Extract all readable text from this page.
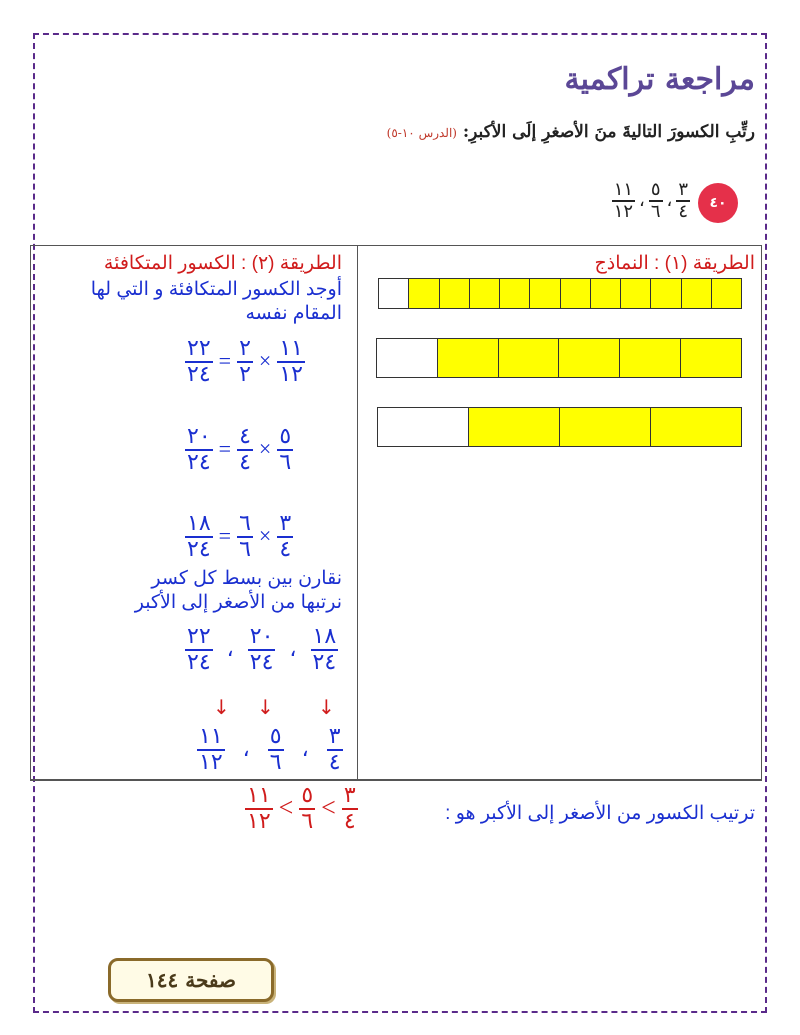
مراجعة تراكمية
رتِّبِ الكسورَ التاليةَ منَ الأصغرِ إلَى الأكبرِ: (الدرس ١٠-٥)
٤٠
$\frac{٣}{٤}$
،
$\frac{٥}{٦}$
،
$\frac{١١}{١٢}$
الطريقة (١) : النماذج
الطريقة (٢) : الكسور المتكافئة
أوجد الكسور المتكافئة و التي لها
المقام نفسه
$\frac{٢٢}{٢٤} = \frac{٢}{٢} \times \frac{١١}{١٢}$
$\frac{٢٠}{٢٤} = \frac{٤}{٤} \times \frac{٥}{٦}$
$\frac{١٨}{٢٤} = \frac{٦}{٦} \times \frac{٣}{٤}$
نقارن بين بسط كل كسر
نرتبها من الأصغر إلى الأكبر
$\frac{٢٢}{٢٤}$ ، $\frac{٢٠}{٢٤}$ ، $\frac{١٨}{٢٤}$
↓ ↓ ↓
$\frac{١١}{١٢}$ ، $\frac{٥}{٦}$ ، $\frac{٣}{٤}$
ترتيب الكسور من الأصغر إلى الأكبر هو :
$\frac{١١}{١٢} < \frac{٥}{٦} < \frac{٣}{٤}$
صفحة ١٤٤
